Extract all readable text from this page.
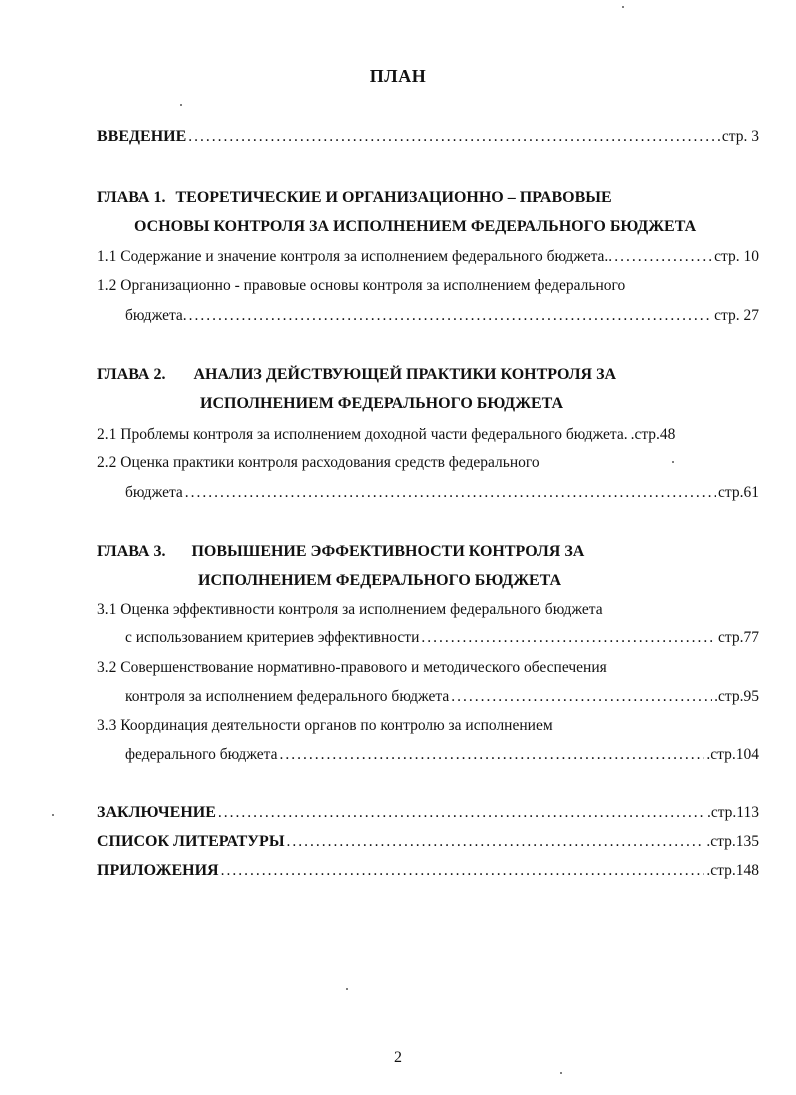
ПЛАН
ВВЕДЕНИЕ .....	стр. 3
ГЛАВА 1. ТЕОРЕТИЧЕСКИЕ И ОРГАНИЗАЦИОННО – ПРАВОВЫЕ
ОСНОВЫ КОНТРОЛЯ ЗА ИСПОЛНЕНИЕМ ФЕДЕРАЛЬНОГО БЮДЖЕТА
1.1 Содержание и значение контроля за исполнением федерального бюджета.. .....	стр. 10
1.2 Организационно - правовые основы контроля за исполнением федерального
бюджета. .....	стр. 27
ГЛАВА 2. АНАЛИЗ ДЕЙСТВУЮЩЕЙ ПРАКТИКИ КОНТРОЛЯ ЗА
ИСПОЛНЕНИЕМ ФЕДЕРАЛЬНОГО БЮДЖЕТА
2.1 Проблемы контроля за исполнением доходной части федерального бюджета. .стр.48
2.2 Оценка практики контроля расходования средств федерального
бюджета .....	стр.61
ГЛАВА 3. ПОВЫШЕНИЕ ЭФФЕКТИВНОСТИ КОНТРОЛЯ ЗА
ИСПОЛНЕНИЕМ ФЕДЕРАЛЬНОГО БЮДЖЕТА
3.1 Оценка эффективности контроля за исполнением федерального бюджета
с использованием критериев эффективности .....	стр.77
3.2 Совершенствование нормативно-правового и методического обеспечения
контроля за исполнением федерального бюджета .....	.стр.95
3.3 Координация деятельности органов по контролю за исполнением
федерального бюджета .....	.стр.104
ЗАКЛЮЧЕНИЕ .....	.стр.113
СПИСОК ЛИТЕРАТУРЫ .....	.стр.135
ПРИЛОЖЕНИЯ .....	.стр.148
2
